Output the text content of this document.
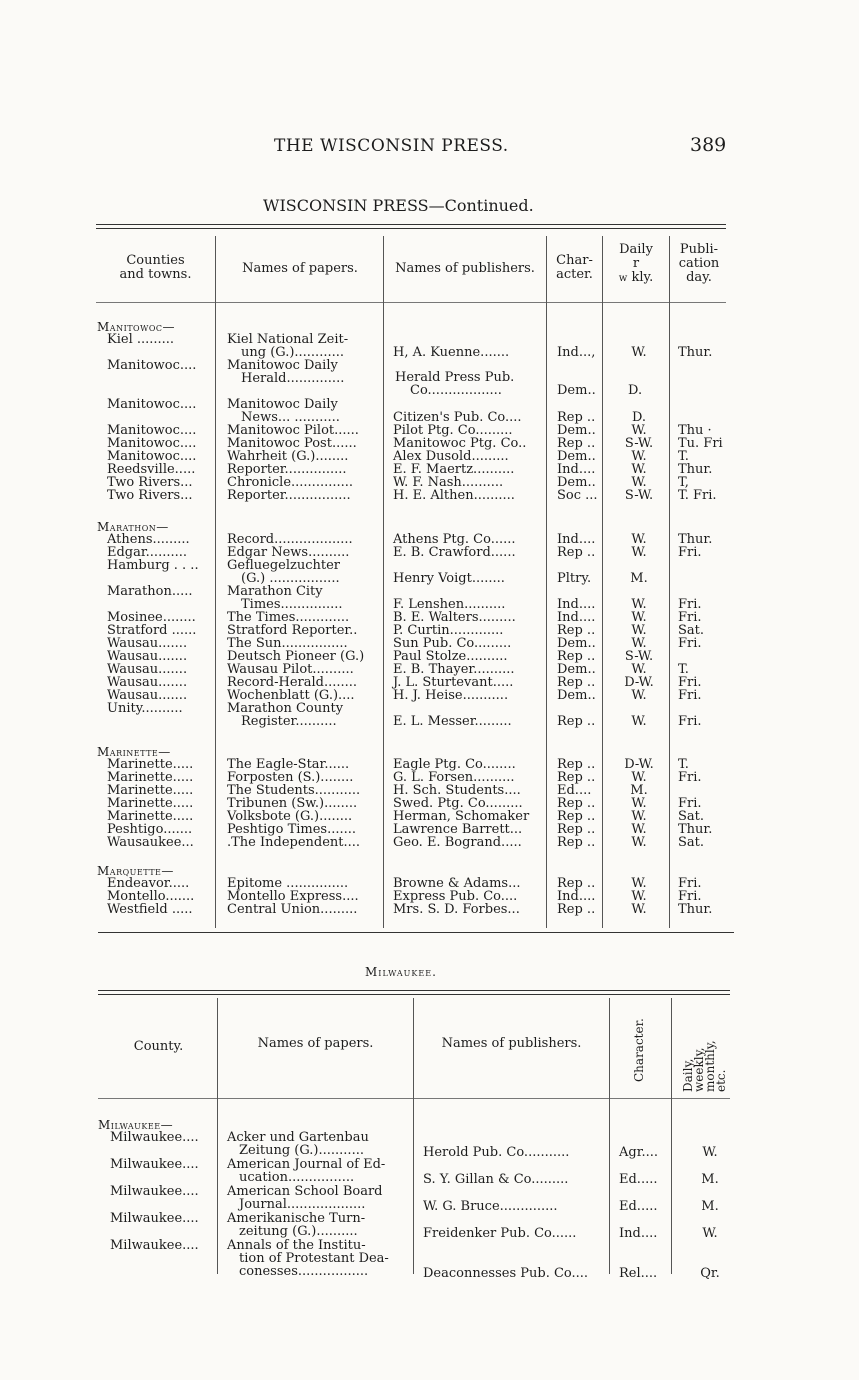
THE WISCONSIN PRESS.	389
WISCONSIN PRESS—Continued.
Counties
and towns.	Names of papers.	Names of publishers.
Char-
acter.
Daily
r
w kly.
Publi-
cation
day.
Manitowoc—
Kiel .........	Kiel National Zeit-
ung (G.)............	H, A. Kuenne.......	Ind...,	W.	Thur.
Manitowoc.... Manitowoc Daily
Herald..............	Herald Press Pub.
Co..................	Dem.. D.
Manitowoc.... Manitowoc Daily
News... ...........	Citizen's Pub. Co....	Rep ..	D.
Manitowoc.... Manitowoc Pilot......	Pilot Ptg. Co.........	Dem..	W.	Thu ·
Manitowoc.... Manitowoc Post......	Manitowoc Ptg. Co.. Rep ..	S-W.	Tu. Fri
Manitowoc.... Wahrheit (G.)........	Alex Dusold.........	Dem..	W.	T.
Reedsville..... Reporter...............	E. F. Maertz..........	Ind....	W.	Thur.
Two Rivers...	Chronicle...............	W. F. Nash..........	Dem..	W.	T,
Two Rivers...	Reporter................	H. E. Althen..........	Soc ...	S-W.	T. Fri.
Marathon—
Athens.........	Record...................	Athens Ptg. Co......	Ind....	W.	Thur.
Edgar..........	Edgar News..........	E. B. Crawford......	Rep ..	W.	Fri.
Hamburg . . .. Gefluegelzuchter
(G.) .................	Henry Voigt........	Pltry.	M.
Marathon.....	Marathon City
Times...............	F. Lenshen..........	Ind....	W.	Fri.
Mosinee........ The Times.............	B. E. Walters.........	Ind....	W.	Fri.
Stratford ...... Stratford Reporter..	P. Curtin.............	Rep ..	W.	Sat.
Wausau.......	The Sun................	Sun Pub. Co.........	Dem..	W.	Fri.
Wausau.......	Deutsch Pioneer (G.) Paul Stolze..........	Rep ..	S-W.
Wausau.......	Wausau Pilot..........	E. B. Thayer..........	Dem..	W.	T.
Wausau.......	Record-Herald........	J. L. Sturtevant.....	Rep ..	D-W.	Fri.
Wausau.......	Wochenblatt (G.)....	H. J. Heise...........	Dem..	W.	Fri.
Unity..........	Marathon County
Register..........	E. L. Messer.........	Rep ..	W.	Fri.
Marinette—
Marinette.....	The Eagle-Star......	Eagle Ptg. Co........	Rep ..	D-W.	T.
Marinette.....	Forposten (S.)........	G. L. Forsen..........	Rep ..	W.	Fri.
Marinette.....	The Students...........	H. Sch. Students....	Ed....	M.
Marinette.....	Tribunen (Sw.)........	Swed. Ptg. Co.........	Rep ..	W.	Fri.
Marinette.....	Volksbote (G.)........	Herman, Schomaker Rep ..	W.	Sat.
Peshtigo.......	Peshtigo Times.......	Lawrence Barrett...	Rep ..	W.	Thur.
Wausaukee...	.The Independent....	Geo. E. Bogrand.....	Rep ..	W.	Sat.
Marquette—
Endeavor.....	Epitome ...............	Browne & Adams...	Rep ..	W.	Fri.
Montello.......	Montello Express....	Express Pub. Co....	Ind....	W.	Fri.
Westfield .....	Central Union.........	Mrs. S. D. Forbes...	Rep ..	W.	Thur.
Milwaukee.
County.	Names of papers.	Names of publishers.	Character.	Daily,
weekly,
monthly,
etc.
Milwaukee—
Milwaukee.... Acker und Gartenbau
Zeitung (G.)...........	Herold Pub. Co...........	Agr....	W.
Milwaukee.... American Journal of Ed-
ucation................	S. Y. Gillan & Co.........	Ed.....	M.
Milwaukee.... American School Board
Journal...................	W. G. Bruce..............	Ed.....	M.
Milwaukee.... Amerikanische Turn-
zeitung (G.)..........	Freidenker Pub. Co......	Ind....	W.
Milwaukee.... Annals of the Institu-
tion of Protestant Dea-
conesses.................	Deaconnesses Pub. Co.... Rel....	Qr.
